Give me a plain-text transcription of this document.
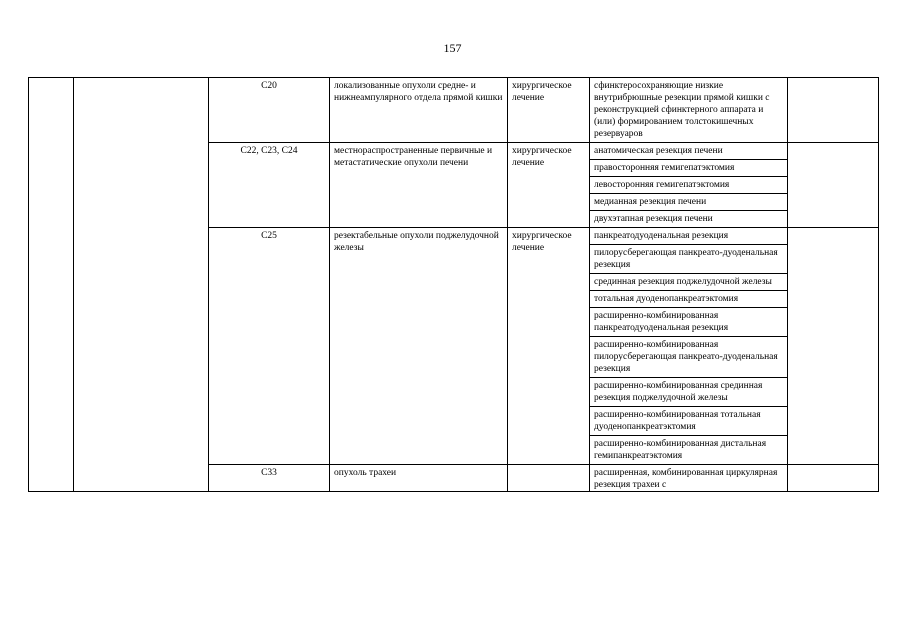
157
		C20	локализованные опухоли средне- и нижнеампулярного отдела прямой кишки	хирургическое лечение	сфинктеросохраняющие низкие внутрибрюшные резекции прямой кишки с реконструкцией сфинктерного аппарата и (или) формированием толстокишечных резервуаров	
		C22, C23, C24	местнораспространенные первичные и метастатические опухоли печени	хирургическое лечение	анатомическая резекция печени	
					правосторонняя гемигепатэктомия	
					левосторонняя гемигепатэктомия	
					медианная резекция печени	
					двухэтапная резекция печени	
		C25	резектабельные опухоли поджелудочной железы	хирургическое лечение	панкреатодуоденальная резекция	
					пилорусберегающая панкреато-дуоденальная резекция	
					срединная резекция поджелудочной железы	
					тотальная дуоденопанкреатэктомия	
					расширенно-комбинированная панкреатодуоденальная резекция	
					расширенно-комбинированная пилорусберегающая панкреато-дуоденальная резекция	
					расширенно-комбинированная срединная резекция поджелудочной железы	
					расширенно-комбинированная тотальная дуоденопанкреатэктомия	
					расширенно-комбинированная дистальная гемипанкреатэктомия	
		C33	опухоль трахеи		расширенная, комбинированная циркулярная резекция трахеи с	
